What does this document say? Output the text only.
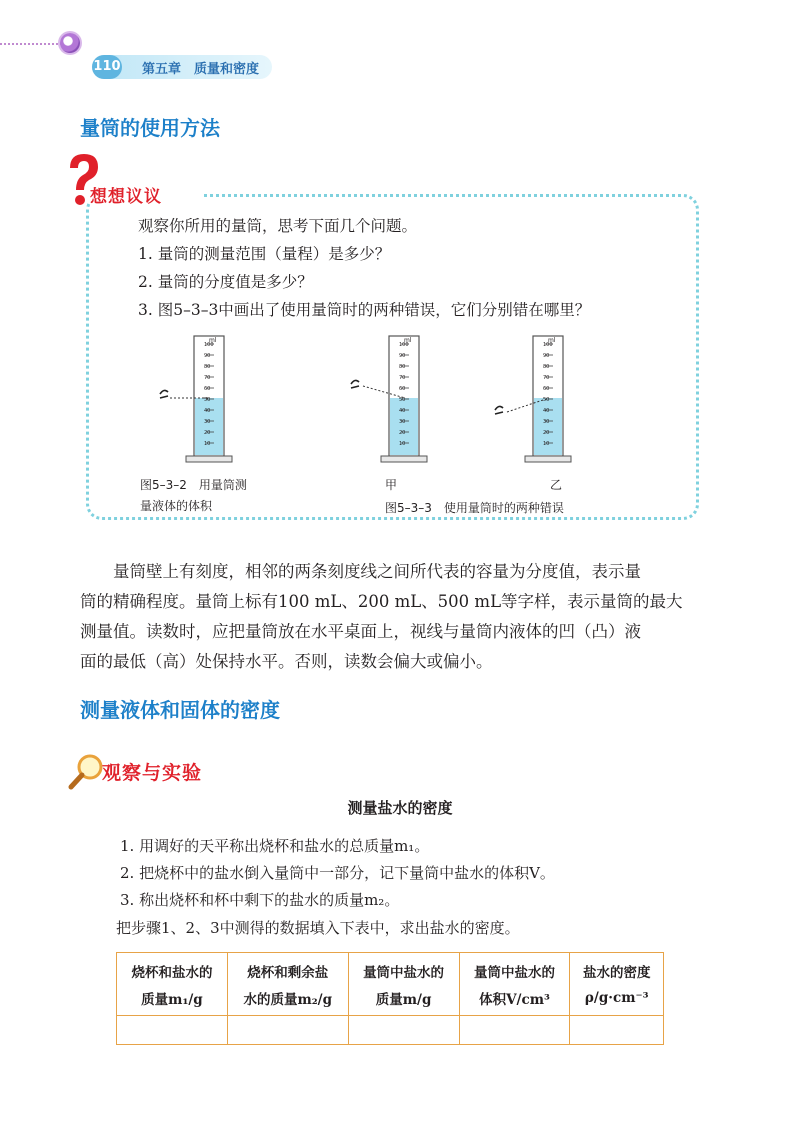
110 第五章　质量和密度
量筒的使用方法
想想议议
观察你所用的量筒，思考下面几个问题。
1. 量筒的测量范围（量程）是多少？
2. 量筒的分度值是多少？
3. 图5–3–3中画出了使用量筒时的两种错误，它们分别错在哪里？
ml	ml	ml
100
90
80
70
60
50
40
30
20
10
100
90
80
70
60
50
40
30
20
10
100
90
80
70
60
50
40
30
20
10
图5–3–2　用量筒测
量液体的体积
甲	乙
图5–3–3　使用量筒时的两种错误
量筒壁上有刻度，相邻的两条刻度线之间所代表的容量为分度值，表示量
筒的精确程度。量筒上标有100 mL、200 mL、500 mL等字样，表示量筒的最大
测量值。读数时，应把量筒放在水平桌面上，视线与量筒内液体的凹（凸）液
面的最低（高）处保持水平。否则，读数会偏大或偏小。
测量液体和固体的密度
观察与实验
测量盐水的密度
1. 用调好的天平称出烧杯和盐水的总质量m₁。
2. 把烧杯中的盐水倒入量筒中一部分，记下量筒中盐水的体积V。
3. 称出烧杯和杯中剩下的盐水的质量m₂。
把步骤1、2、3中测得的数据填入下表中，求出盐水的密度。
烧杯和盐水的	烧杯和剩余盐	量筒中盐水的	量筒中盐水的	盐水的密度
质量m₁/g	水的质量m₂/g	质量m/g	体积V/cm³	ρ/g·cm⁻³
